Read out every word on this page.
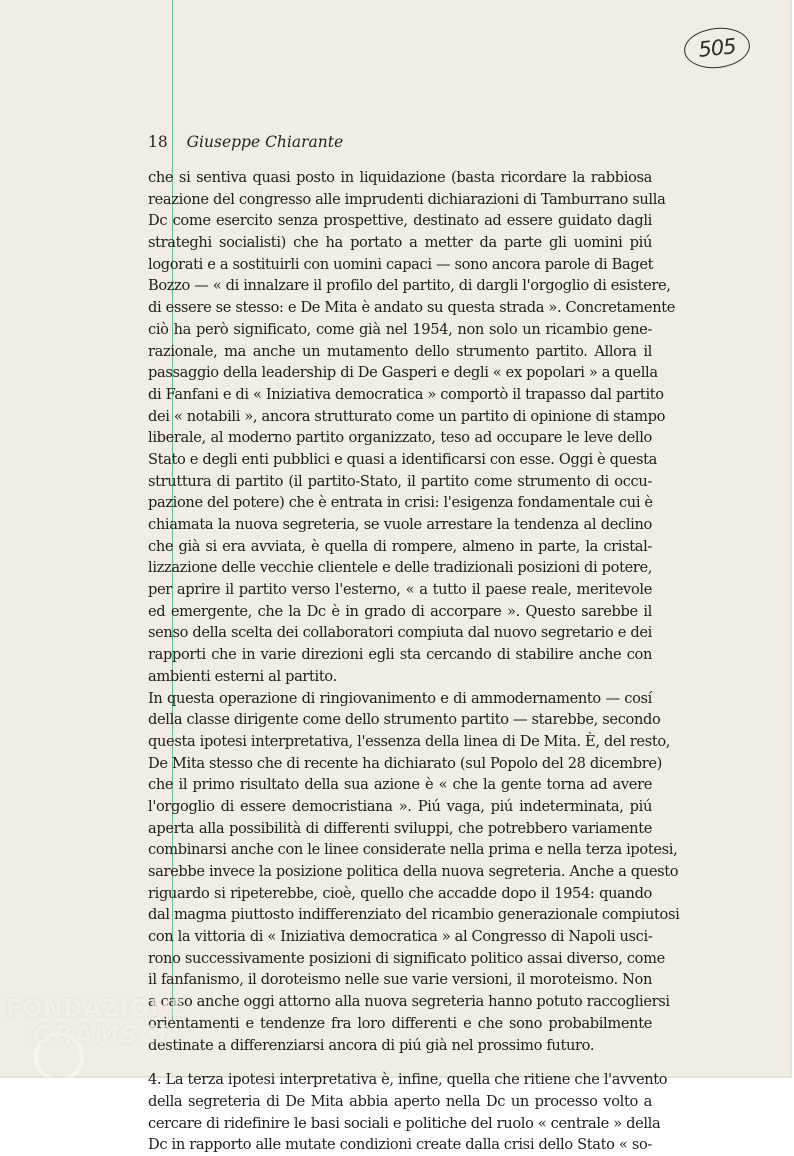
505
18 Giuseppe Chiarante
che si sentiva quasi posto in liquidazione (basta ricordare la rabbiosa
reazione del congresso alle imprudenti dichiarazioni di Tamburrano sulla
Dc come esercito senza prospettive, destinato ad essere guidato dagli
strateghi socialisti) che ha portato a metter da parte gli uomini piú
logorati e a sostituirli con uomini capaci — sono ancora parole di Baget
Bozzo — « di innalzare il profilo del partito, di dargli l'orgoglio di esistere,
di essere se stesso: e De Mita è andato su questa strada ». Concretamente
ciò ha però significato, come già nel 1954, non solo un ricambio gene-
razionale, ma anche un mutamento dello strumento partito. Allora il
passaggio della leadership di De Gasperi e degli « ex popolari » a quella
di Fanfani e di « Iniziativa democratica » comportò il trapasso dal partito
dei « notabili », ancora strutturato come un partito di opinione di stampo
liberale, al moderno partito organizzato, teso ad occupare le leve dello
Stato e degli enti pubblici e quasi a identificarsi con esse. Oggi è questa
struttura di partito (il partito-Stato, il partito come strumento di occu-
pazione del potere) che è entrata in crisi: l'esigenza fondamentale cui è
chiamata la nuova segreteria, se vuole arrestare la tendenza al declino
che già si era avviata, è quella di rompere, almeno in parte, la cristal-
lizzazione delle vecchie clientele e delle tradizionali posizioni di potere,
per aprire il partito verso l'esterno, « a tutto il paese reale, meritevole
ed emergente, che la Dc è in grado di accorpare ». Questo sarebbe il
senso della scelta dei collaboratori compiuta dal nuovo segretario e dei
rapporti che in varie direzioni egli sta cercando di stabilire anche con
ambienti esterni al partito.
In questa operazione di ringiovanimento e di ammodernamento — cosí
della classe dirigente come dello strumento partito — starebbe, secondo
questa ipotesi interpretativa, l'essenza della linea di De Mita. È, del resto,
De Mita stesso che di recente ha dichiarato (sul Popolo del 28 dicembre)
che il primo risultato della sua azione è « che la gente torna ad avere
l'orgoglio di essere democristiana ». Piú vaga, piú indeterminata, piú
aperta alla possibilità di differenti sviluppi, che potrebbero variamente
combinarsi anche con le linee considerate nella prima e nella terza ipotesi,
sarebbe invece la posizione politica della nuova segreteria. Anche a questo
riguardo si ripeterebbe, cioè, quello che accadde dopo il 1954: quando
dal magma piuttosto indifferenziato del ricambio generazionale compiutosi
con la vittoria di « Iniziativa democratica » al Congresso di Napoli usci-
rono successivamente posizioni di significato politico assai diverso, come
il fanfanismo, il doroteismo nelle sue varie versioni, il moroteismo. Non
a caso anche oggi attorno alla nuova segreteria hanno potuto raccogliersi
orientamenti e tendenze fra loro differenti e che sono probabilmente
destinate a differenziarsi ancora di piú già nel prossimo futuro.
4. La terza ipotesi interpretativa è, infine, quella che ritiene che l'avvento
della segreteria di De Mita abbia aperto nella Dc un processo volto a
cercare di ridefinire le basi sociali e politiche del ruolo « centrale » della
Dc in rapporto alle mutate condizioni create dalla crisi dello Stato « so-
FONDAZIONE
GRAMSCI
